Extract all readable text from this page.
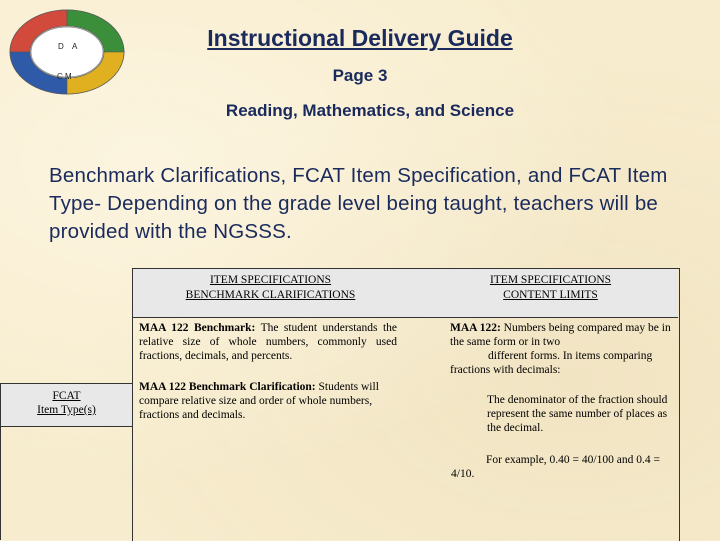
D A
C M
Instructional Delivery Guide
Page 3
Reading, Mathematics, and Science
Benchmark Clarifications, FCAT Item Specification, and FCAT Item Type- Depending on the grade level being taught, teachers will be provided with the NGSSS.
ITEM SPECIFICATIONS
BENCHMARK CLARIFICATIONS
ITEM SPECIFICATIONS
CONTENT LIMITS
FCAT
Item Type(s)
MAA 122 Benchmark: The student understands the relative size of whole numbers, commonly used fractions, decimals, and percents.
MAA 122 Benchmark Clarification: Students will compare relative size and order of whole numbers, fractions and decimals.
MAA 122: Numbers being compared may be in the same form or in two
different forms. In items comparing
fractions with decimals:
The denominator of the fraction should represent the same number of places as the decimal.
For example, 0.40 = 40/100 and 0.4 =
4/10.
